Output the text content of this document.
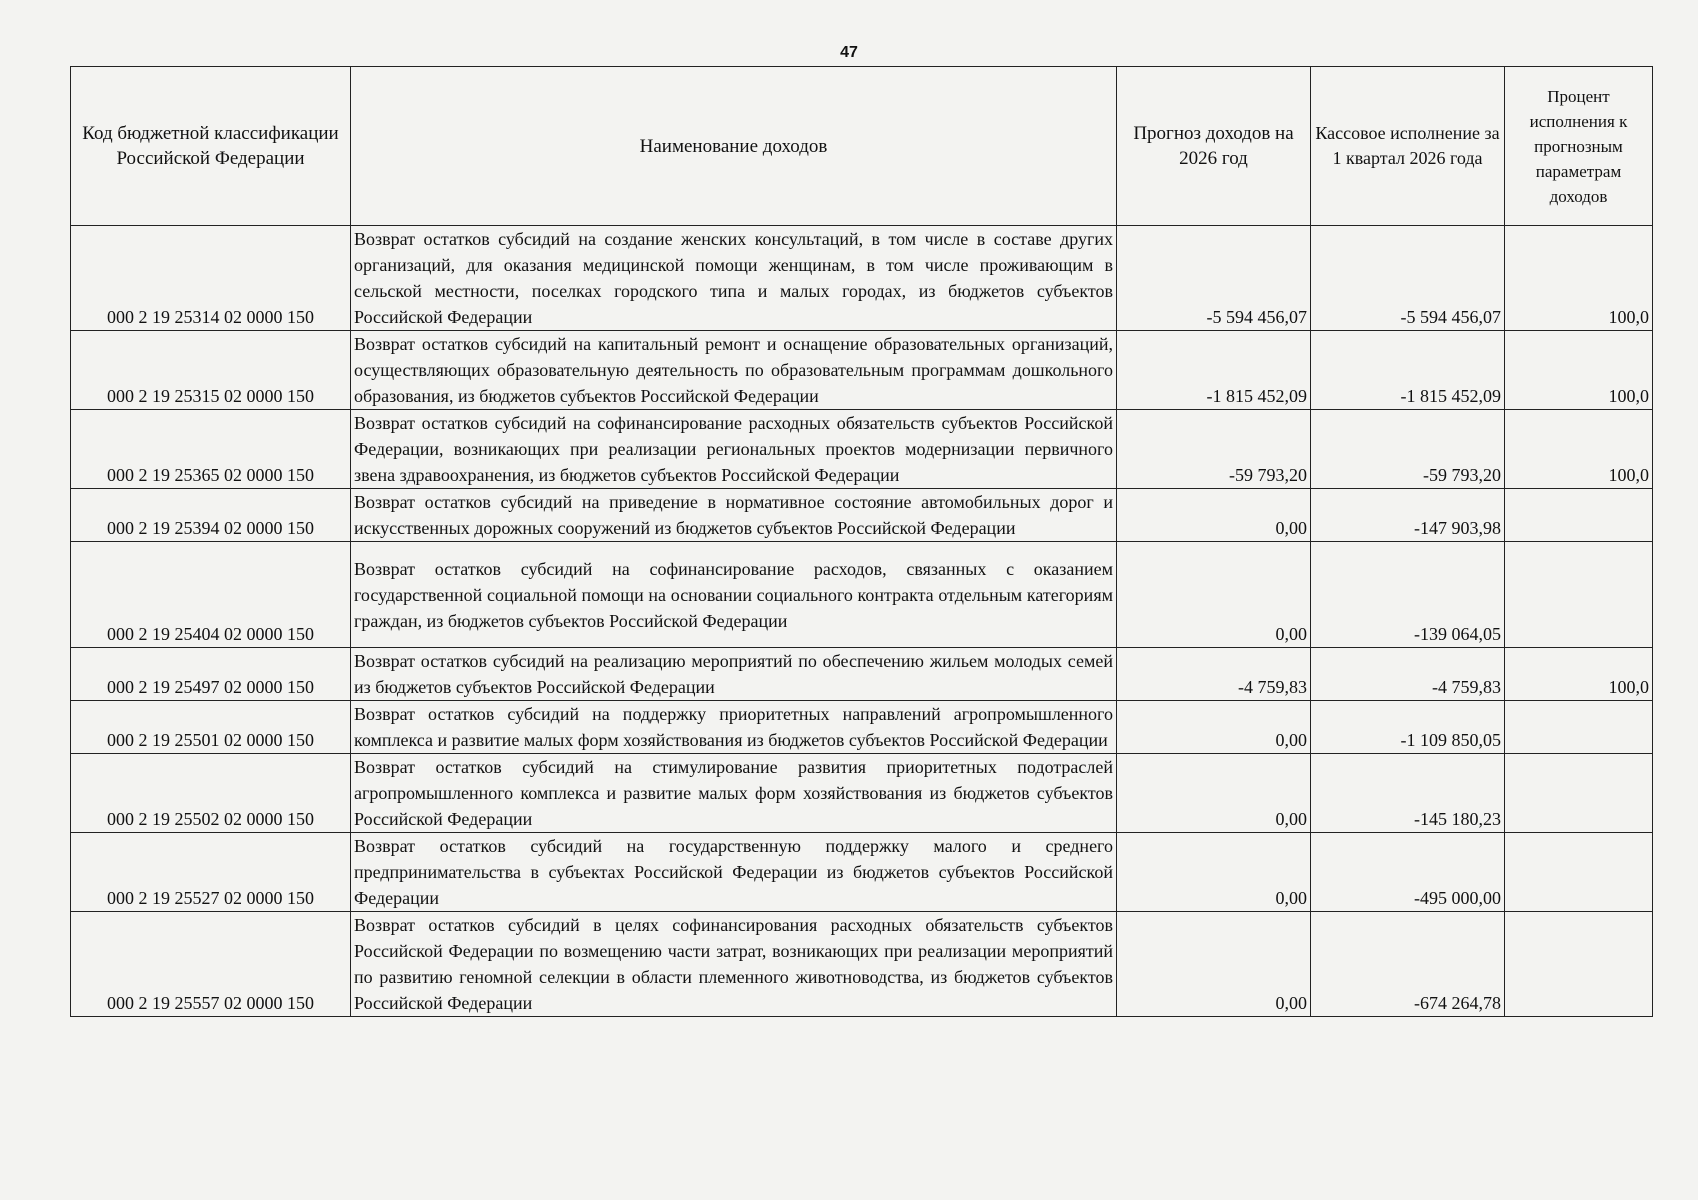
47
Код бюджетной классификации Российской Федерации	Наименование доходов	Прогноз доходов на 2026 год	Кассовое исполнение за 1 квартал 2026 года	Процент исполнения к прогнозным параметрам доходов
000 2 19 25314 02 0000 150	Возврат остатков субсидий на создание женских консультаций, в том числе в составе других организаций, для оказания медицинской помощи женщинам, в том числе проживающим в сельской местности, поселках городского типа и малых городах, из бюджетов субъектов Российской Федерации	-5 594 456,07	-5 594 456,07	100,0
000 2 19 25315 02 0000 150	Возврат остатков субсидий на капитальный ремонт и оснащение образовательных организаций, осуществляющих образовательную деятельность по образовательным программам дошкольного образования, из бюджетов субъектов Российской Федерации	-1 815 452,09	-1 815 452,09	100,0
000 2 19 25365 02 0000 150	Возврат остатков субсидий на софинансирование расходных обязательств субъектов Российской Федерации, возникающих при реализации региональных проектов модернизации первичного звена здравоохранения, из бюджетов субъектов Российской Федерации	-59 793,20	-59 793,20	100,0
000 2 19 25394 02 0000 150	Возврат остатков субсидий на приведение в нормативное состояние автомобильных дорог и искусственных дорожных сооружений из бюджетов субъектов Российской Федерации	0,00	-147 903,98	
000 2 19 25404 02 0000 150	Возврат остатков субсидий на софинансирование расходов, связанных с оказанием государственной социальной помощи на основании социального контракта отдельным категориям граждан, из бюджетов субъектов Российской Федерации	0,00	-139 064,05	
000 2 19 25497 02 0000 150	Возврат остатков субсидий на реализацию мероприятий по обеспечению жильем молодых семей из бюджетов субъектов Российской Федерации	-4 759,83	-4 759,83	100,0
000 2 19 25501 02 0000 150	Возврат остатков субсидий на поддержку приоритетных направлений агропромышленного комплекса и развитие малых форм хозяйствования из бюджетов субъектов Российской Федерации	0,00	-1 109 850,05	
000 2 19 25502 02 0000 150	Возврат остатков субсидий на стимулирование развития приоритетных подотраслей агропромышленного комплекса и развитие малых форм хозяйствования из бюджетов субъектов Российской Федерации	0,00	-145 180,23	
000 2 19 25527 02 0000 150	Возврат остатков субсидий на государственную поддержку малого и среднего предпринимательства в субъектах Российской Федерации из бюджетов субъектов Российской Федерации	0,00	-495 000,00	
000 2 19 25557 02 0000 150	Возврат остатков субсидий в целях софинансирования расходных обязательств субъектов Российской Федерации по возмещению части затрат, возникающих при реализации мероприятий по развитию геномной селекции в области племенного животноводства, из бюджетов субъектов Российской Федерации	0,00	-674 264,78	
